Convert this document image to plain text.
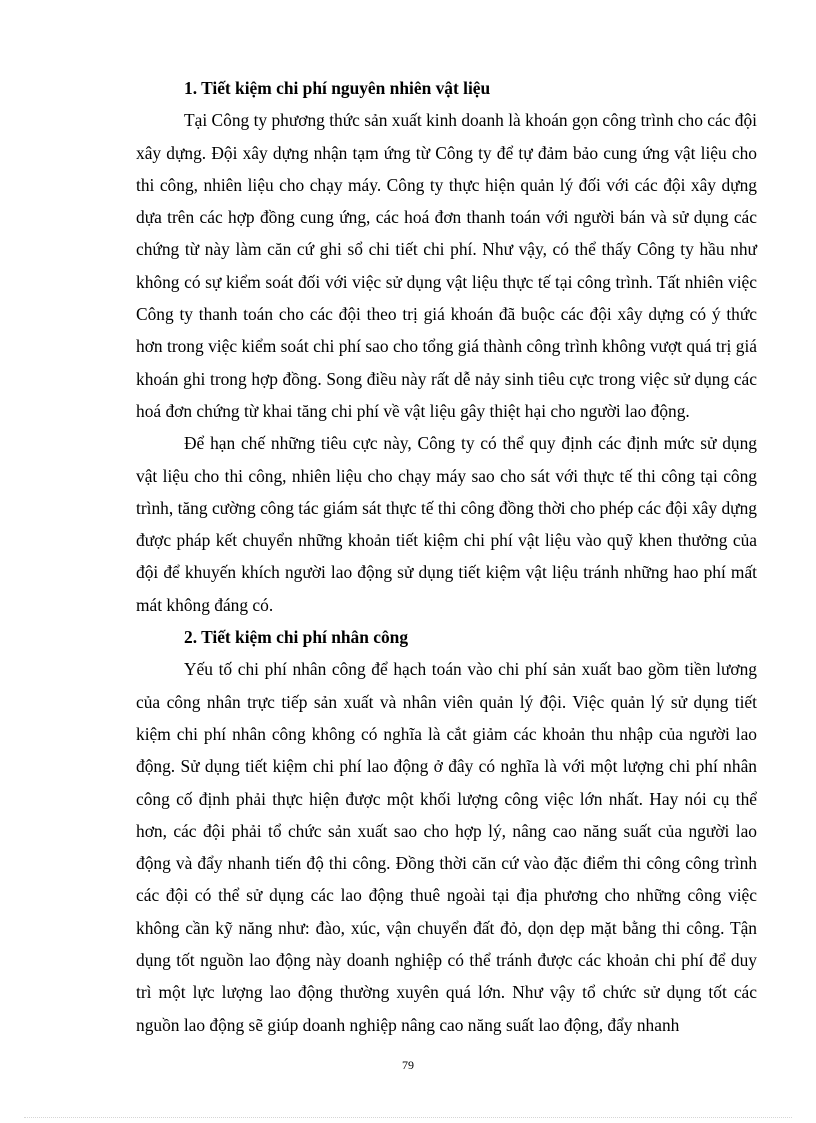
1. Tiết kiệm chi phí nguyên nhiên vật liệu

Tại Công ty phương thức sản xuất kinh doanh là khoán gọn công trình cho các đội xây dựng. Đội xây dựng nhận tạm ứng từ Công ty để tự đảm bảo cung ứng vật liệu cho thi công, nhiên liệu cho chạy máy. Công ty thực hiện quản lý đối với các đội xây dựng dựa trên các hợp đồng cung ứng, các hoá đơn thanh toán với người bán và sử dụng các chứng từ này làm căn cứ ghi sổ chi tiết chi phí. Như vậy, có thể thấy Công ty hầu như không có sự kiểm soát đối với việc sử dụng vật liệu thực tế tại công trình. Tất nhiên việc Công ty thanh toán cho các đội theo trị giá khoán đã buộc các đội xây dựng có ý thức hơn trong việc kiểm soát chi phí sao cho tổng giá thành công trình không vượt quá trị giá khoán ghi trong hợp đồng. Song điều này rất dễ nảy sinh tiêu cực trong việc sử dụng các hoá đơn chứng từ khai tăng chi phí về vật liệu gây thiệt hại cho người lao động.

Để hạn chế những tiêu cực này, Công ty có thể quy định các định mức sử dụng vật liệu cho thi công, nhiên liệu cho chạy máy sao cho sát với thực tế thi công tại công trình, tăng cường công tác giám sát thực tế thi công đồng thời cho phép các đội xây dựng được pháp kết chuyển những khoản tiết kiệm chi phí vật liệu vào quỹ khen thưởng của đội để khuyến khích người lao động sử dụng tiết kiệm vật liệu tránh những hao phí mất mát không đáng có.

2. Tiết kiệm chi phí nhân công

Yếu tố chi phí nhân công để hạch toán vào chi phí sản xuất bao gồm tiền lương của công nhân trực tiếp sản xuất và nhân viên quản lý đội. Việc quản lý sử dụng tiết kiệm chi phí nhân công không có nghĩa là cắt giảm các khoản thu nhập của người lao động. Sử dụng tiết kiệm chi phí lao động ở đây có nghĩa là với một lượng chi phí nhân công cố định phải thực hiện được một khối lượng công việc lớn nhất. Hay nói cụ thể hơn, các đội phải tổ chức sản xuất sao cho hợp lý, nâng cao năng suất của người lao động và đẩy nhanh tiến độ thi công. Đồng thời căn cứ vào đặc điểm thi công công trình các đội có thể sử dụng các lao động thuê ngoài tại địa phương cho những công việc không cần kỹ năng như: đào, xúc, vận chuyển đất đỏ, dọn dẹp mặt bằng thi công. Tận dụng tốt nguồn lao động này doanh nghiệp có thể tránh được các khoản chi phí để duy trì một lực lượng lao động thường xuyên quá lớn. Như vậy tổ chức sử dụng tốt các nguồn lao động sẽ giúp doanh nghiệp nâng cao năng suất lao động, đẩy nhanh

79
